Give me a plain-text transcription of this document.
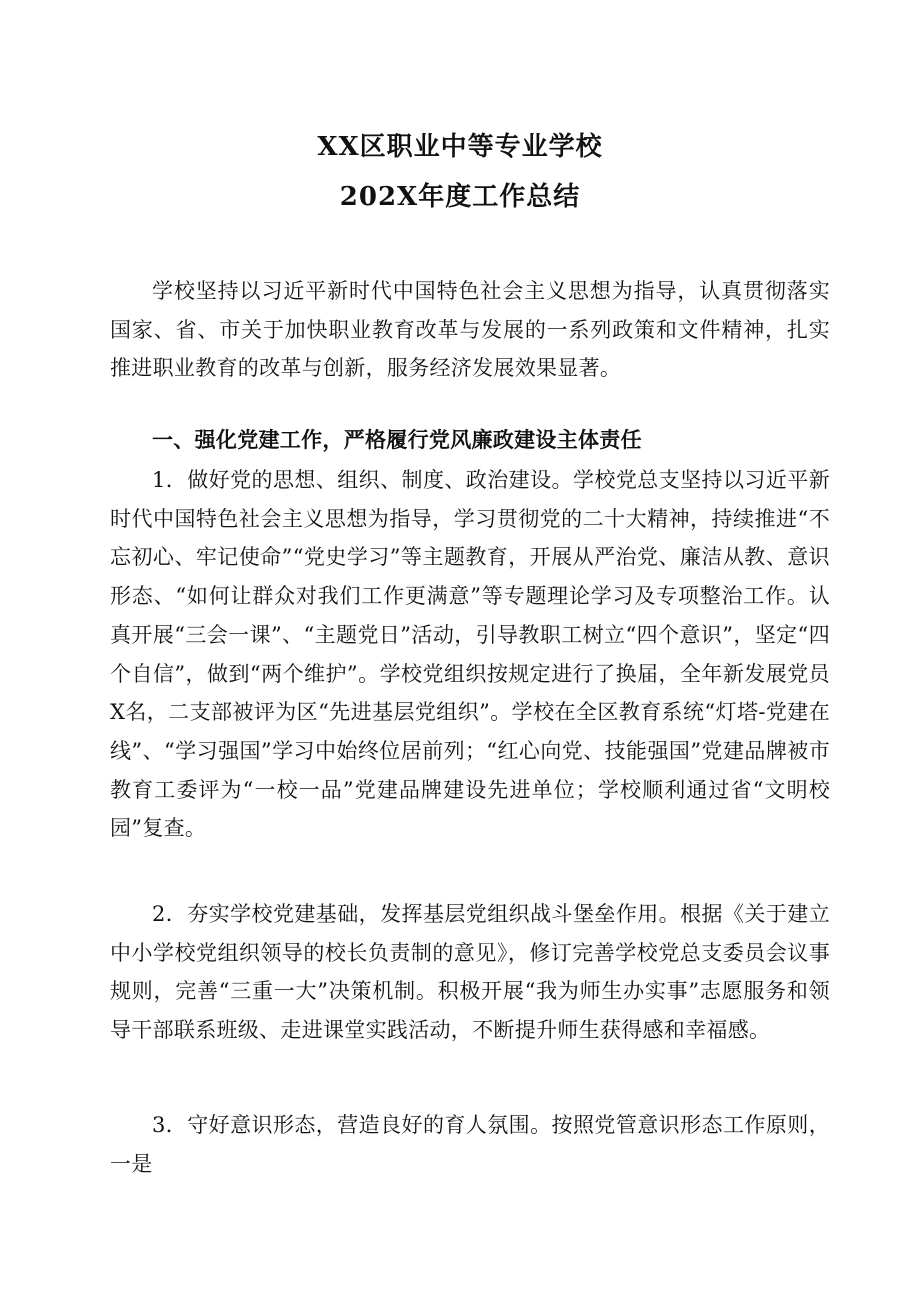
XX区职业中等专业学校
202X年度工作总结

学校坚持以习近平新时代中国特色社会主义思想为指导，认真贯彻落实国家、省、市关于加快职业教育改革与发展的一系列政策和文件精神，扎实推进职业教育的改革与创新，服务经济发展效果显著。

一、强化党建工作，严格履行党风廉政建设主体责任

1．做好党的思想、组织、制度、政治建设。学校党总支坚持以习近平新时代中国特色社会主义思想为指导，学习贯彻党的二十大精神，持续推进“不忘初心、牢记使命”“党史学习”等主题教育，开展从严治党、廉洁从教、意识形态、“如何让群众对我们工作更满意”等专题理论学习及专项整治工作。认真开展“三会一课”、“主题党日”活动，引导教职工树立“四个意识”，坚定“四个自信”，做到“两个维护”。学校党组织按规定进行了换届，全年新发展党员X名，二支部被评为区“先进基层党组织”。学校在全区教育系统“灯塔-党建在线”、“学习强国”学习中始终位居前列；“红心向党、技能强国”党建品牌被市教育工委评为“一校一品”党建品牌建设先进单位；学校顺利通过省“文明校园”复查。

2．夯实学校党建基础，发挥基层党组织战斗堡垒作用。根据《关于建立中小学校党组织领导的校长负责制的意见》，修订完善学校党总支委员会议事规则，完善“三重一大”决策机制。积极开展“我为师生办实事”志愿服务和领导干部联系班级、走进课堂实践活动，不断提升师生获得感和幸福感。

3．守好意识形态，营造良好的育人氛围。按照党管意识形态工作原则，一是
